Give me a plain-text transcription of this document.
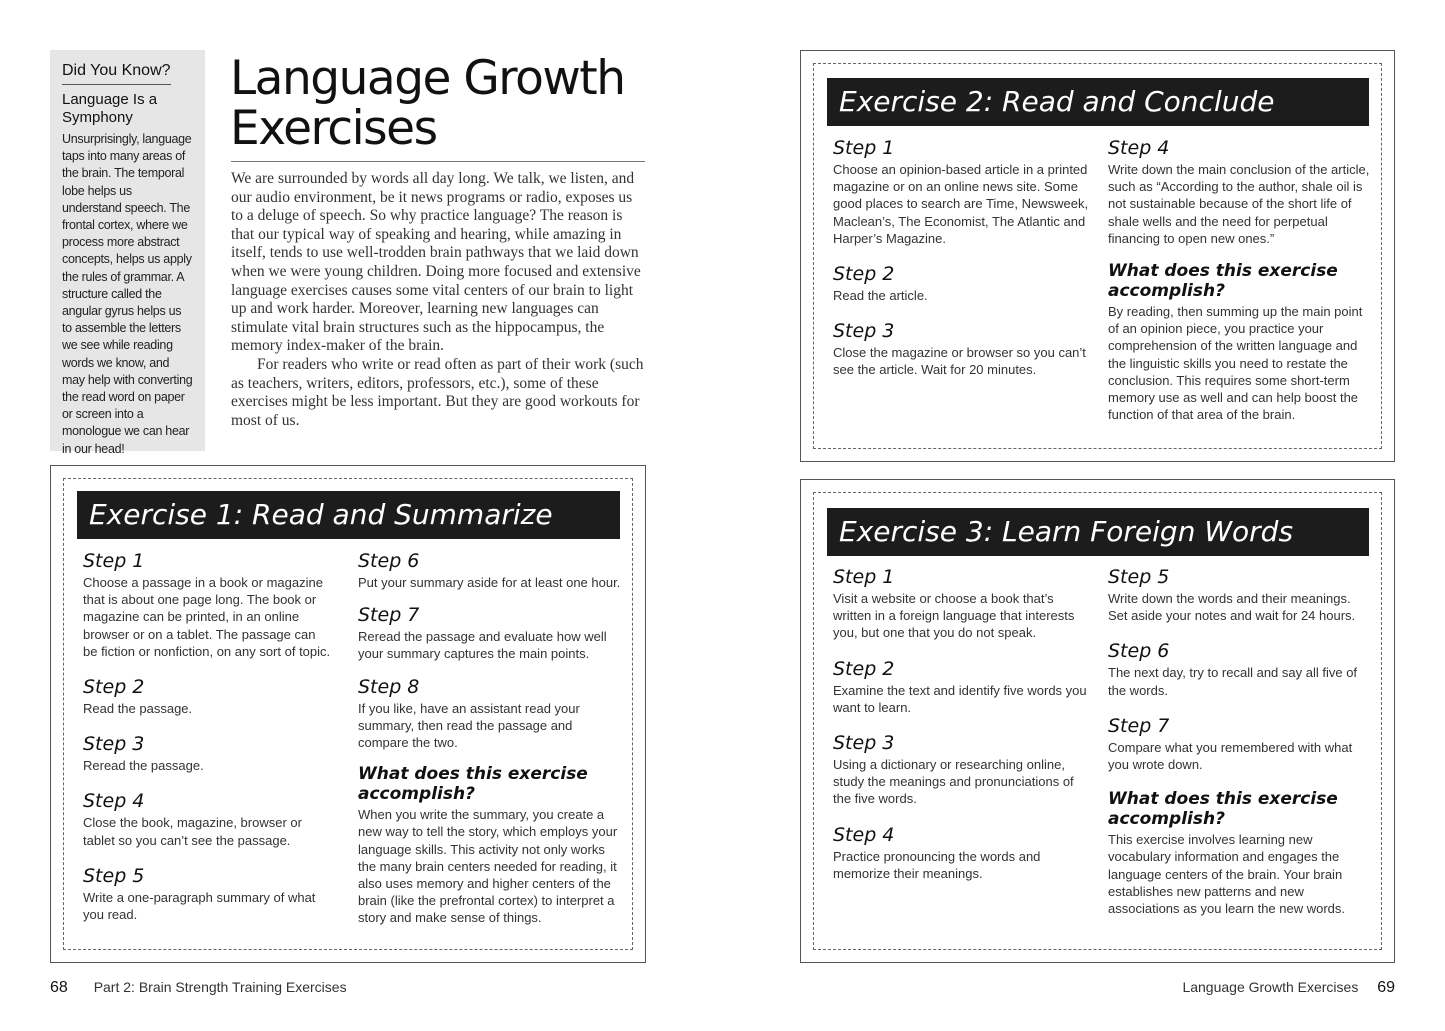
Did You Know?
Language Is a Symphony

Unsurprisingly, language taps into many areas of the brain. The temporal lobe helps us understand speech. The frontal cortex, where we process more abstract concepts, helps us apply the rules of grammar. A structure called the angular gyrus helps us to assemble the letters we see while reading words we know, and may help with converting the read word on paper or screen into a monologue we can hear in our head!

Language Growth Exercises

We are surrounded by words all day long. We talk, we listen, and our audio environment, be it news programs or radio, exposes us to a deluge of speech. So why practice language? The reason is that our typical way of speaking and hearing, while amazing in itself, tends to use well-trodden brain pathways that we laid down when we were young children. Doing more focused and extensive language exercises causes some vital centers of our brain to light up and work harder. Moreover, learning new languages can stimulate vital brain structures such as the hippocampus, the memory index-maker of the brain.

For readers who write or read often as part of their work (such as teachers, writers, editors, professors, etc.), some of these exercises might be less important. But they are good workouts for most of us.

Exercise 1: Read and Summarize
Step 1

Choose a passage in a book or magazine that is about one page long. The book or magazine can be printed, in an online browser or on a tablet. The passage can be fiction or nonfiction, on any sort of topic.

Step 2

Read the passage.

Step 3

Reread the passage.

Step 4

Close the book, magazine, browser or tablet so you can’t see the passage.

Step 5

Write a one-paragraph summary of what you read.

Step 6

Put your summary aside for at least one hour.

Step 7

Reread the passage and evaluate how well your summary captures the main points.

Step 8

If you like, have an assistant read your summary, then read the passage and compare the two.

What does this exercise accomplish?

When you write the summary, you create a new way to tell the story, which employs your language skills. This activity not only works the many brain centers needed for reading, it also uses memory and higher centers of the brain (like the prefrontal cortex) to interpret a story and make sense of things.

Exercise 2: Read and Conclude
Step 1

Choose an opinion-based article in a printed magazine or on an online news site. Some good places to search are Time, Newsweek, Maclean’s, The Economist, The Atlantic and Harper’s Magazine.

Step 2

Read the article.

Step 3

Close the magazine or browser so you can’t see the article. Wait for 20 minutes.

Step 4

Write down the main conclusion of the article, such as “According to the author, shale oil is not sustainable because of the short life of shale wells and the need for perpetual financing to open new ones.”

What does this exercise accomplish?

By reading, then summing up the main point of an opinion piece, you practice your comprehension of the written language and the linguistic skills you need to restate the conclusion. This requires some short-term memory use as well and can help boost the function of that area of the brain.

Exercise 3: Learn Foreign Words
Step 1

Visit a website or choose a book that’s written in a foreign language that interests you, but one that you do not speak.

Step 2

Examine the text and identify five words you want to learn.

Step 3

Using a dictionary or researching online, study the meanings and pronunciations of the five words.

Step 4

Practice pronouncing the words and memorize their meanings.

Step 5

Write down the words and their meanings. Set aside your notes and wait for 24 hours.

Step 6

The next day, try to recall and say all five of the words.

Step 7

Compare what you remembered with what you wrote down.

What does this exercise accomplish?

This exercise involves learning new vocabulary information and engages the language centers of the brain. Your brain establishes new patterns and new associations as you learn the new words.

68 Part 2: Brain Strength Training Exercises	Language Growth Exercises 69
